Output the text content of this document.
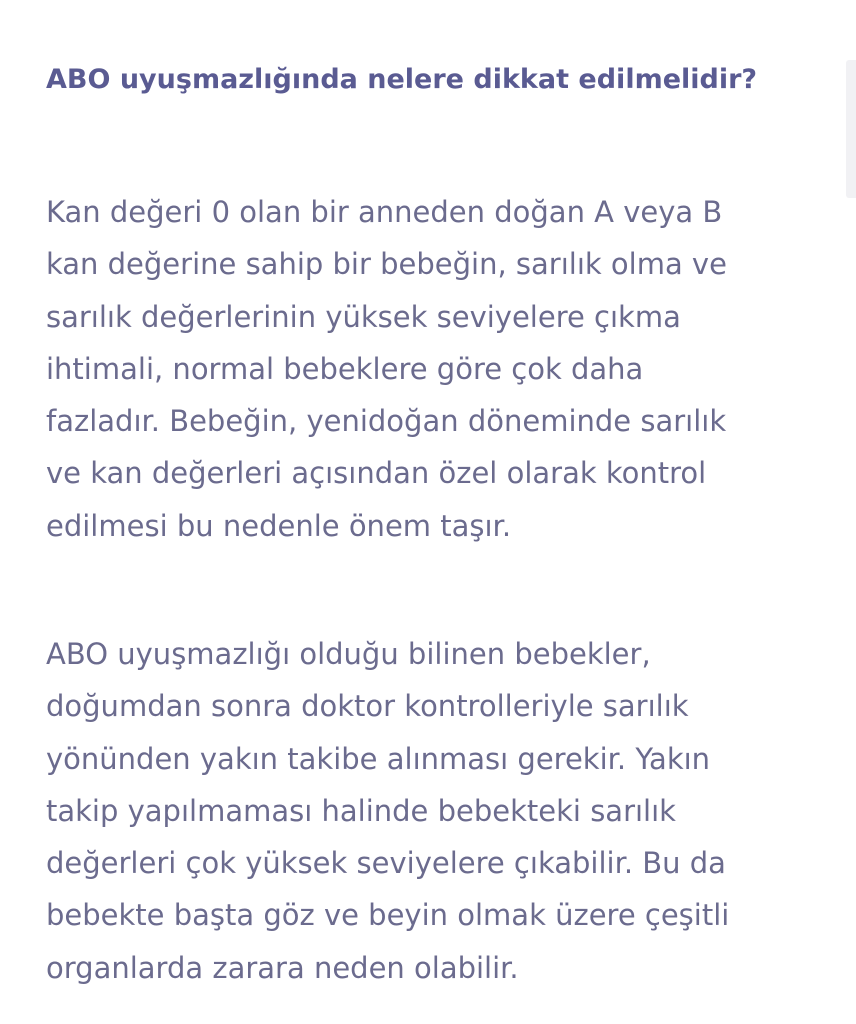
ABO uyuşmazlığında nelere dikkat edilmelidir?

Kan değeri 0 olan bir anneden doğan A veya B
kan değerine sahip bir bebeğin, sarılık olma ve
sarılık değerlerinin yüksek seviyelere çıkma
ihtimali, normal bebeklere göre çok daha
fazladır. Bebeğin, yenidoğan döneminde sarılık
ve kan değerleri açısından özel olarak kontrol
edilmesi bu nedenle önem taşır.

ABO uyuşmazlığı olduğu bilinen bebekler,
doğumdan sonra doktor kontrolleriyle sarılık
yönünden yakın takibe alınması gerekir. Yakın
takip yapılmaması halinde bebekteki sarılık
değerleri çok yüksek seviyelere çıkabilir. Bu da
bebekte başta göz ve beyin olmak üzere çeşitli
organlarda zarara neden olabilir.
